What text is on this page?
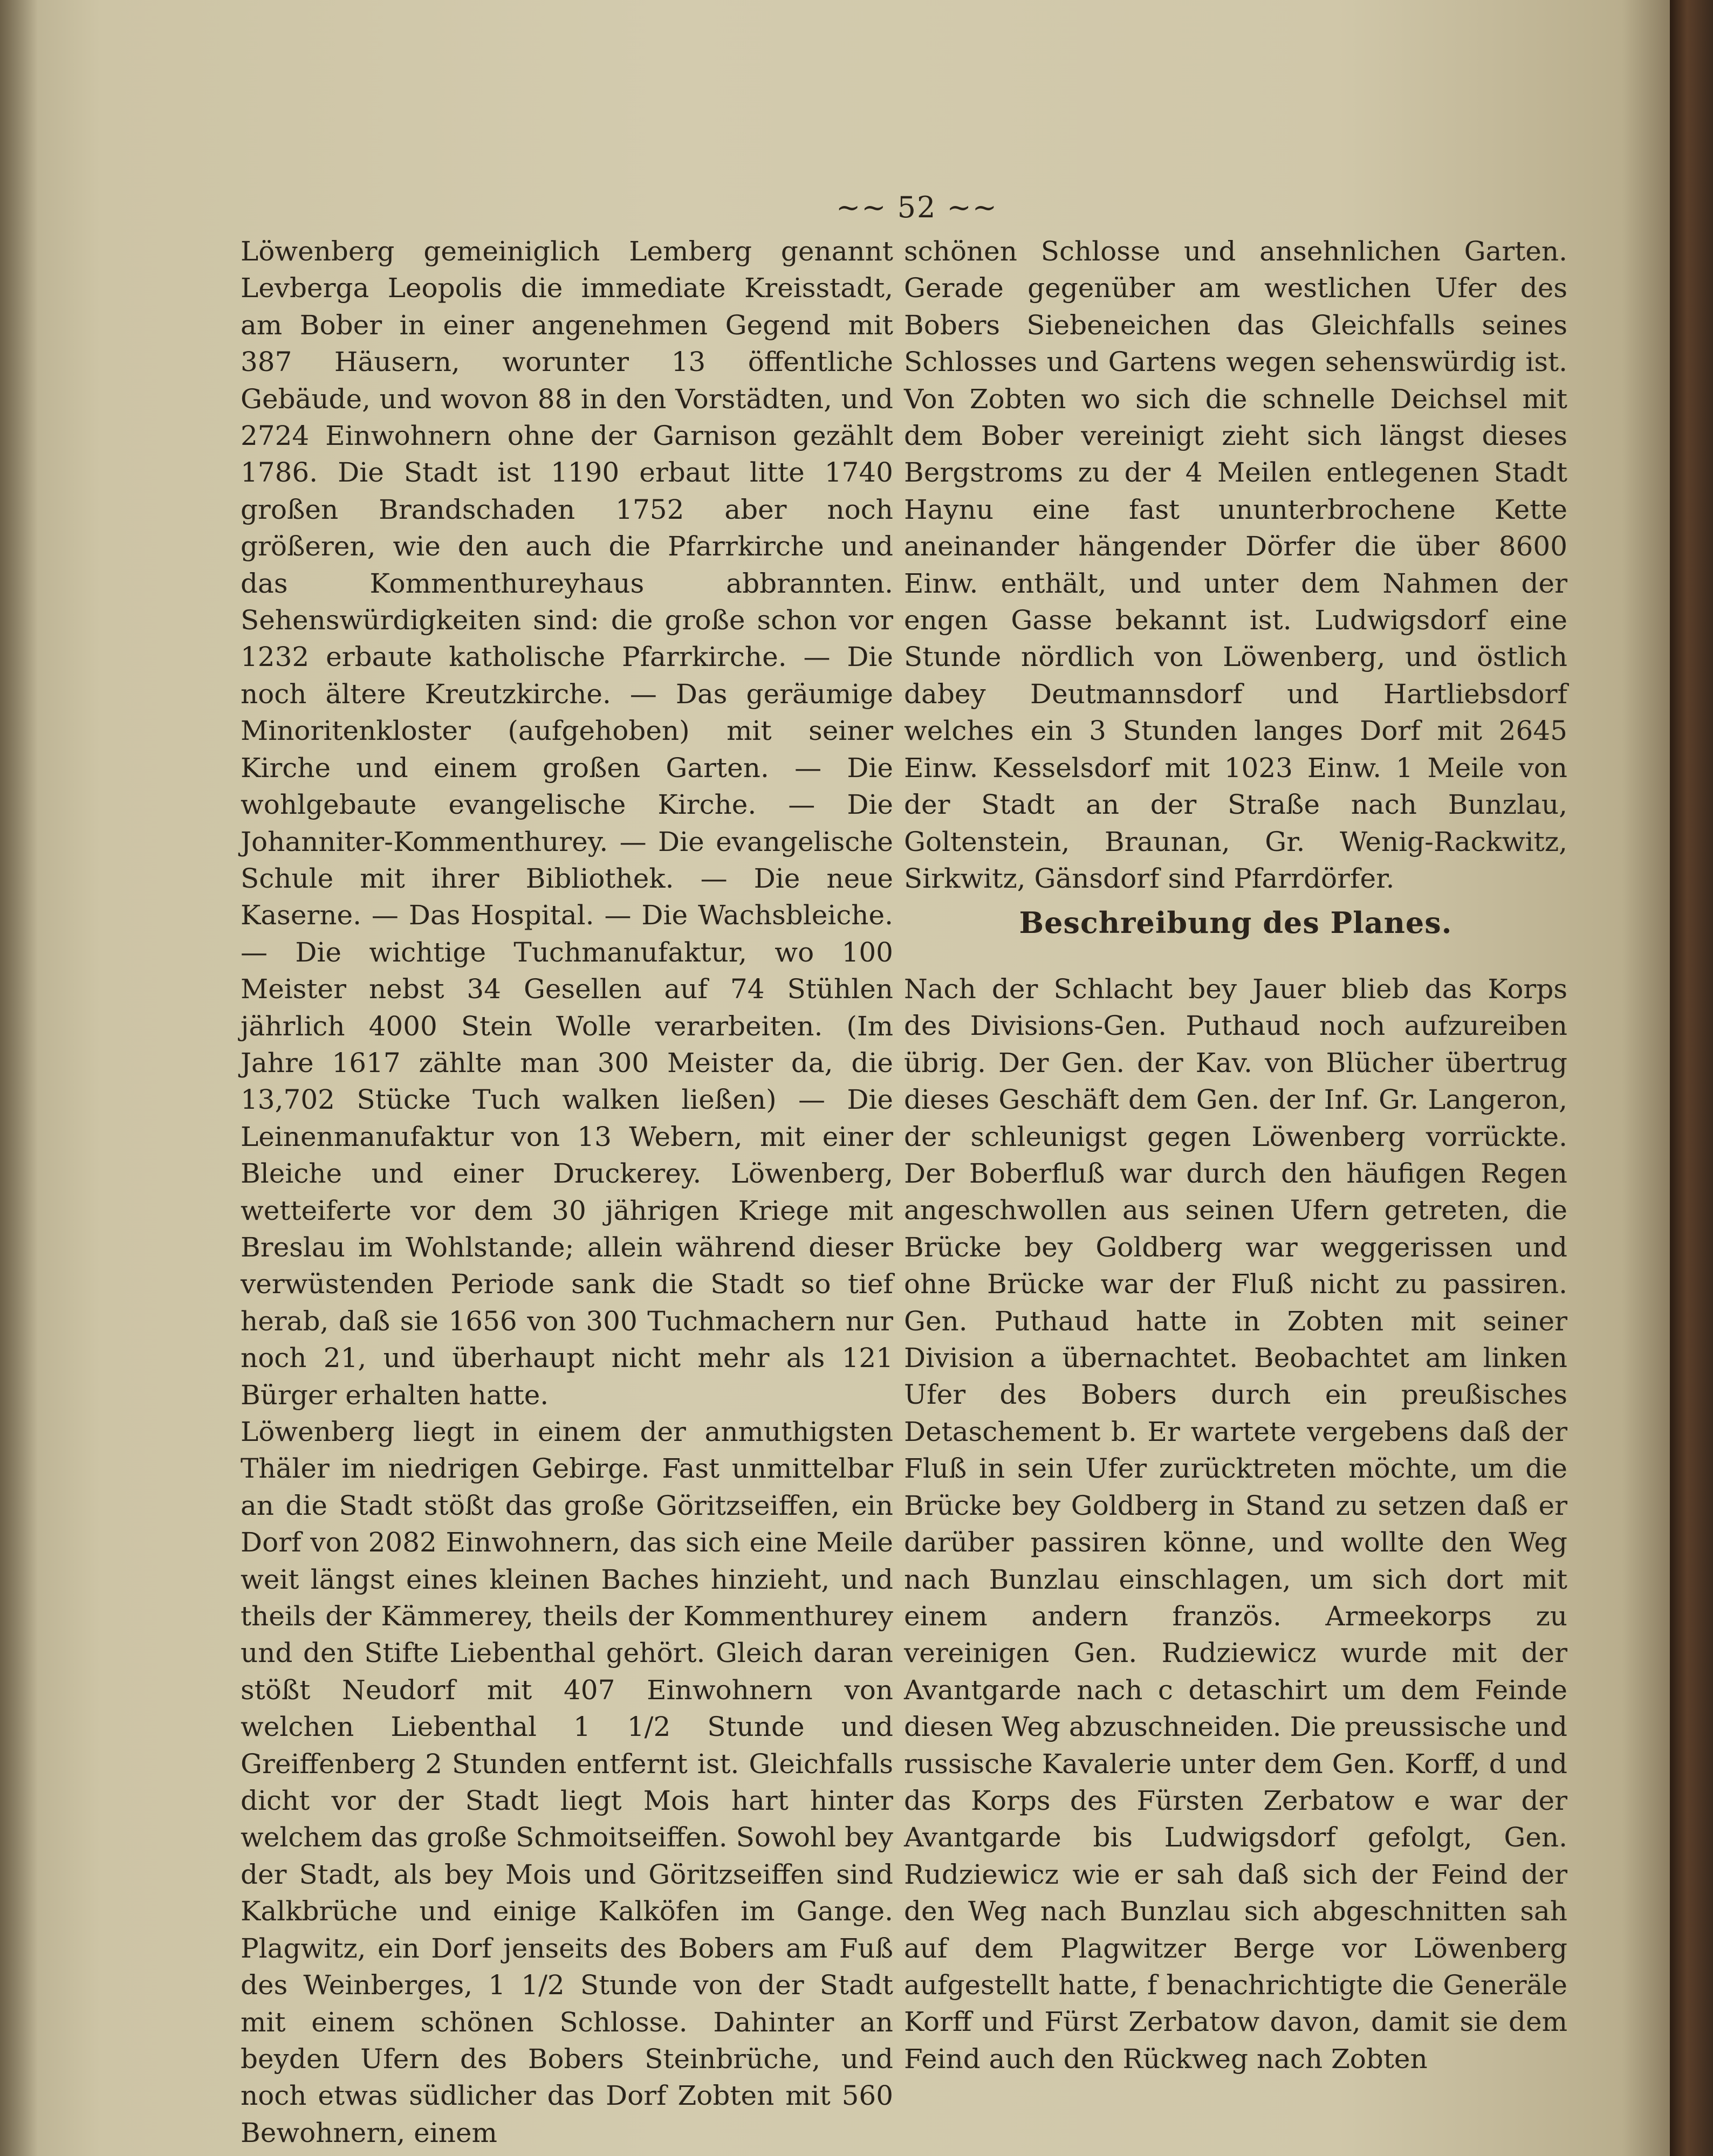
~~ 52 ~~

Löwenberg gemeiniglich Lemberg genannt Levberga Leopolis die immediate Kreisstadt, am Bober in einer angenehmen Gegend mit 387 Häusern, worunter 13 öffentliche Gebäude, und wovon 88 in den Vorstädten, und 2724 Einwohnern ohne der Garnison gezählt 1786. Die Stadt ist 1190 erbaut litte 1740 großen Brandschaden 1752 aber noch größeren, wie den auch die Pfarrkirche und das Kommenthureyhaus abbrannten. Sehenswürdigkeiten sind: die große schon vor 1232 erbaute katholische Pfarrkirche. — Die noch ältere Kreutzkirche. — Das geräumige Minoritenkloster (aufgehoben) mit seiner Kirche und einem großen Garten. — Die wohlgebaute evangelische Kirche. — Die Johanniter-Kommenthurey. — Die evangelische Schule mit ihrer Bibliothek. — Die neue Kaserne. — Das Hospital. — Die Wachsbleiche. — Die wichtige Tuchmanufaktur, wo 100 Meister nebst 34 Gesellen auf 74 Stühlen jährlich 4000 Stein Wolle verarbeiten. (Im Jahre 1617 zählte man 300 Meister da, die 13,702 Stücke Tuch walken ließen) — Die Leinenmanufaktur von 13 Webern, mit einer Bleiche und einer Druckerey. Löwenberg, wetteiferte vor dem 30 jährigen Kriege mit Breslau im Wohlstande; allein während dieser verwüstenden Periode sank die Stadt so tief herab, daß sie 1656 von 300 Tuchmachern nur noch 21, und überhaupt nicht mehr als 121 Bürger erhalten hatte.

Löwenberg liegt in einem der anmuthigsten Thäler im niedrigen Gebirge. Fast unmittelbar an die Stadt stößt das große Göritzseiffen, ein Dorf von 2082 Einwohnern, das sich eine Meile weit längst eines kleinen Baches hinzieht, und theils der Kämmerey, theils der Kommenthurey und den Stifte Liebenthal gehört. Gleich daran stößt Neudorf mit 407 Einwohnern von welchen Liebenthal 1 1/2 Stunde und Greiffenberg 2 Stunden entfernt ist. Gleichfalls dicht vor der Stadt liegt Mois hart hinter welchem das große Schmoitseiffen. Sowohl bey der Stadt, als bey Mois und Göritzseiffen sind Kalkbrüche und einige Kalköfen im Gange. Plagwitz, ein Dorf jenseits des Bobers am Fuß des Weinberges, 1 1/2 Stunde von der Stadt mit einem schönen Schlosse. Dahinter an beyden Ufern des Bobers Steinbrüche, und noch etwas südlicher das Dorf Zobten mit 560 Bewohnern, einem

schönen Schlosse und ansehnlichen Garten. Gerade gegenüber am westlichen Ufer des Bobers Siebeneichen das Gleichfalls seines Schlosses und Gartens wegen sehenswürdig ist. Von Zobten wo sich die schnelle Deichsel mit dem Bober vereinigt zieht sich längst dieses Bergstroms zu der 4 Meilen entlegenen Stadt Haynu eine fast ununterbrochene Kette aneinander hängender Dörfer die über 8600 Einw. enthält, und unter dem Nahmen der engen Gasse bekannt ist. Ludwigsdorf eine Stunde nördlich von Löwenberg, und östlich dabey Deutmannsdorf und Hartliebsdorf welches ein 3 Stunden langes Dorf mit 2645 Einw. Kesselsdorf mit 1023 Einw. 1 Meile von der Stadt an der Straße nach Bunzlau, Goltenstein, Braunan, Gr. Wenig-Rackwitz, Sirkwitz, Gänsdorf sind Pfarrdörfer.

Beschreibung des Planes.

Nach der Schlacht bey Jauer blieb das Korps des Divisions-Gen. Puthaud noch aufzureiben übrig. Der Gen. der Kav. von Blücher übertrug dieses Geschäft dem Gen. der Inf. Gr. Langeron, der schleunigst gegen Löwenberg vorrückte. Der Boberfluß war durch den häufigen Regen angeschwollen aus seinen Ufern getreten, die Brücke bey Goldberg war weggerissen und ohne Brücke war der Fluß nicht zu passiren. Gen. Puthaud hatte in Zobten mit seiner Division a übernachtet. Beobachtet am linken Ufer des Bobers durch ein preußisches Detaschement b. Er wartete vergebens daß der Fluß in sein Ufer zurücktreten möchte, um die Brücke bey Goldberg in Stand zu setzen daß er darüber passiren könne, und wollte den Weg nach Bunzlau einschlagen, um sich dort mit einem andern französ. Armeekorps zu vereinigen Gen. Rudziewicz wurde mit der Avantgarde nach c detaschirt um dem Feinde diesen Weg abzuschneiden. Die preussische und russische Kavalerie unter dem Gen. Korff, d und das Korps des Fürsten Zerbatow e war der Avantgarde bis Ludwigsdorf gefolgt, Gen. Rudziewicz wie er sah daß sich der Feind der den Weg nach Bunzlau sich abgeschnitten sah auf dem Plagwitzer Berge vor Löwenberg aufgestellt hatte, f benachrichtigte die Generäle Korff und Fürst Zerbatow davon, damit sie dem Feind auch den Rückweg nach Zobten
